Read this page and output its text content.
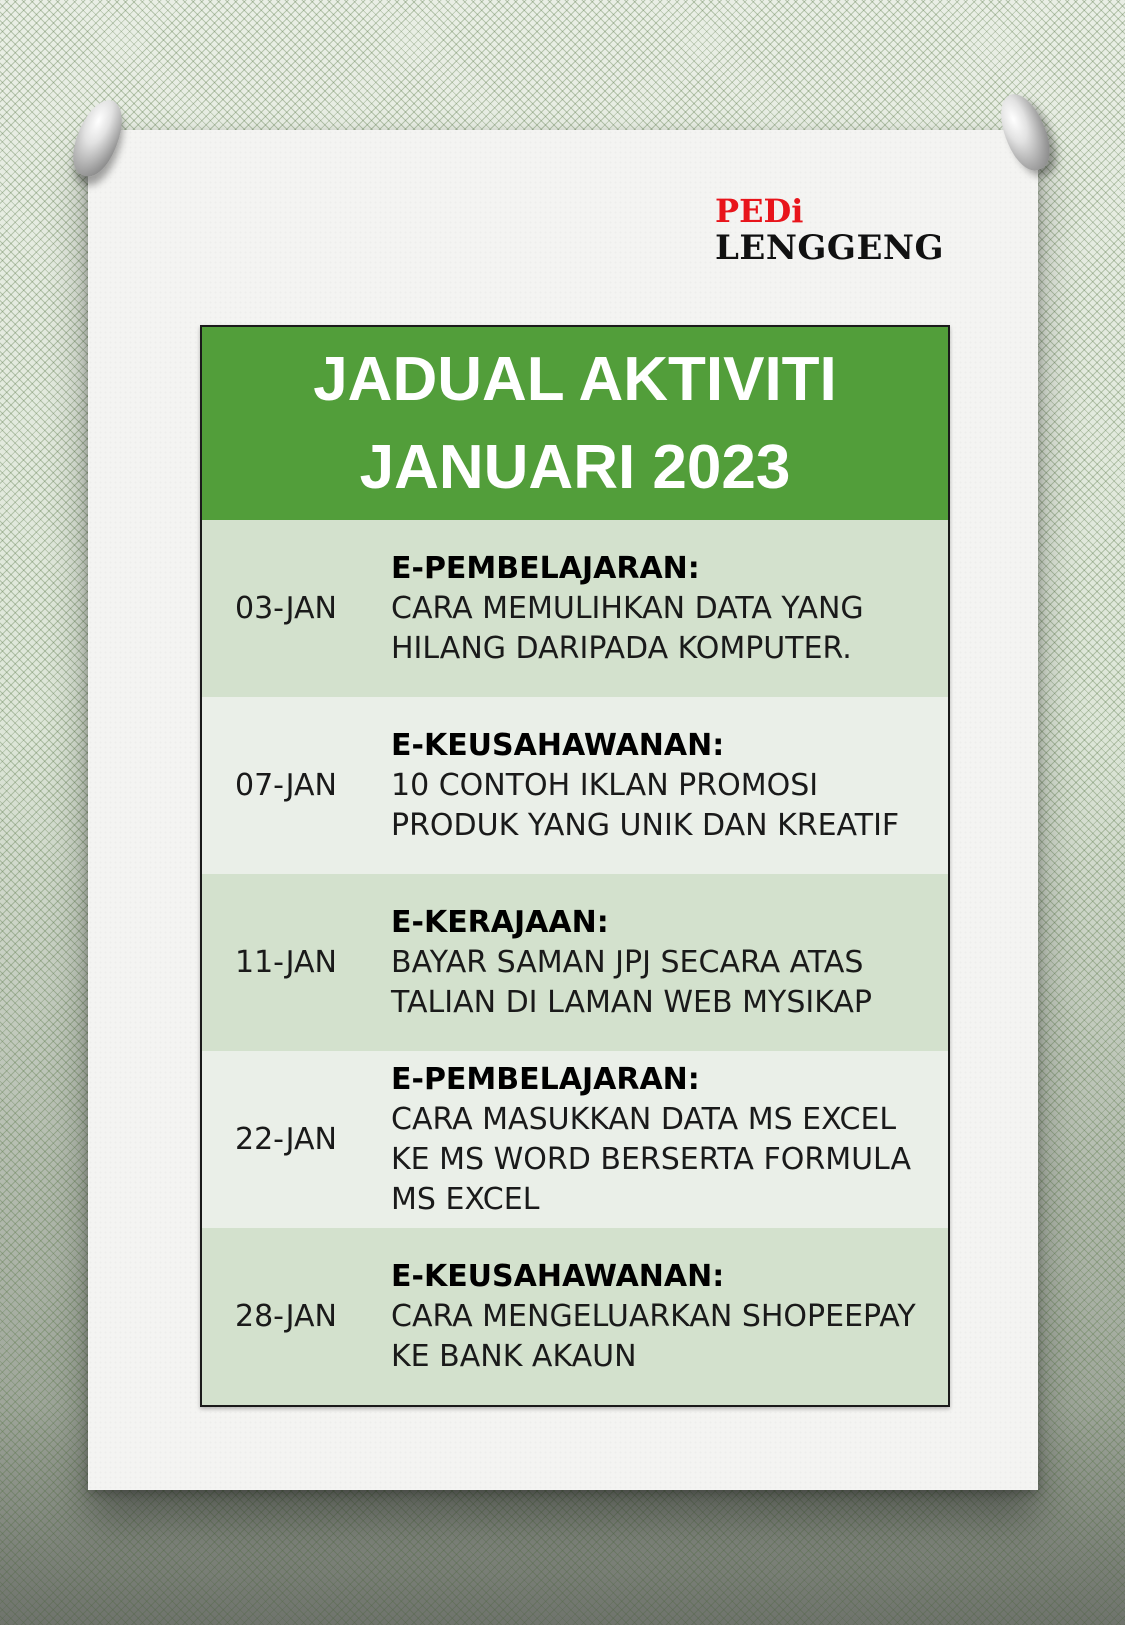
PEDi
LENGGENG
JADUAL AKTIVITI
JANUARI 2023
03-JAN
E-PEMBELAJARAN:
CARA MEMULIHKAN DATA YANG HILANG DARIPADA KOMPUTER.
07-JAN
E-KEUSAHAWANAN:
10 CONTOH IKLAN PROMOSI PRODUK YANG UNIK DAN KREATIF
11-JAN
E-KERAJAAN:
BAYAR SAMAN JPJ SECARA ATAS TALIAN DI LAMAN WEB MYSIKAP
22-JAN
E-PEMBELAJARAN:
CARA MASUKKAN DATA MS EXCEL KE MS WORD BERSERTA FORMULA MS EXCEL
28-JAN
E-KEUSAHAWANAN:
CARA MENGELUARKAN SHOPEEPAY KE BANK AKAUN
